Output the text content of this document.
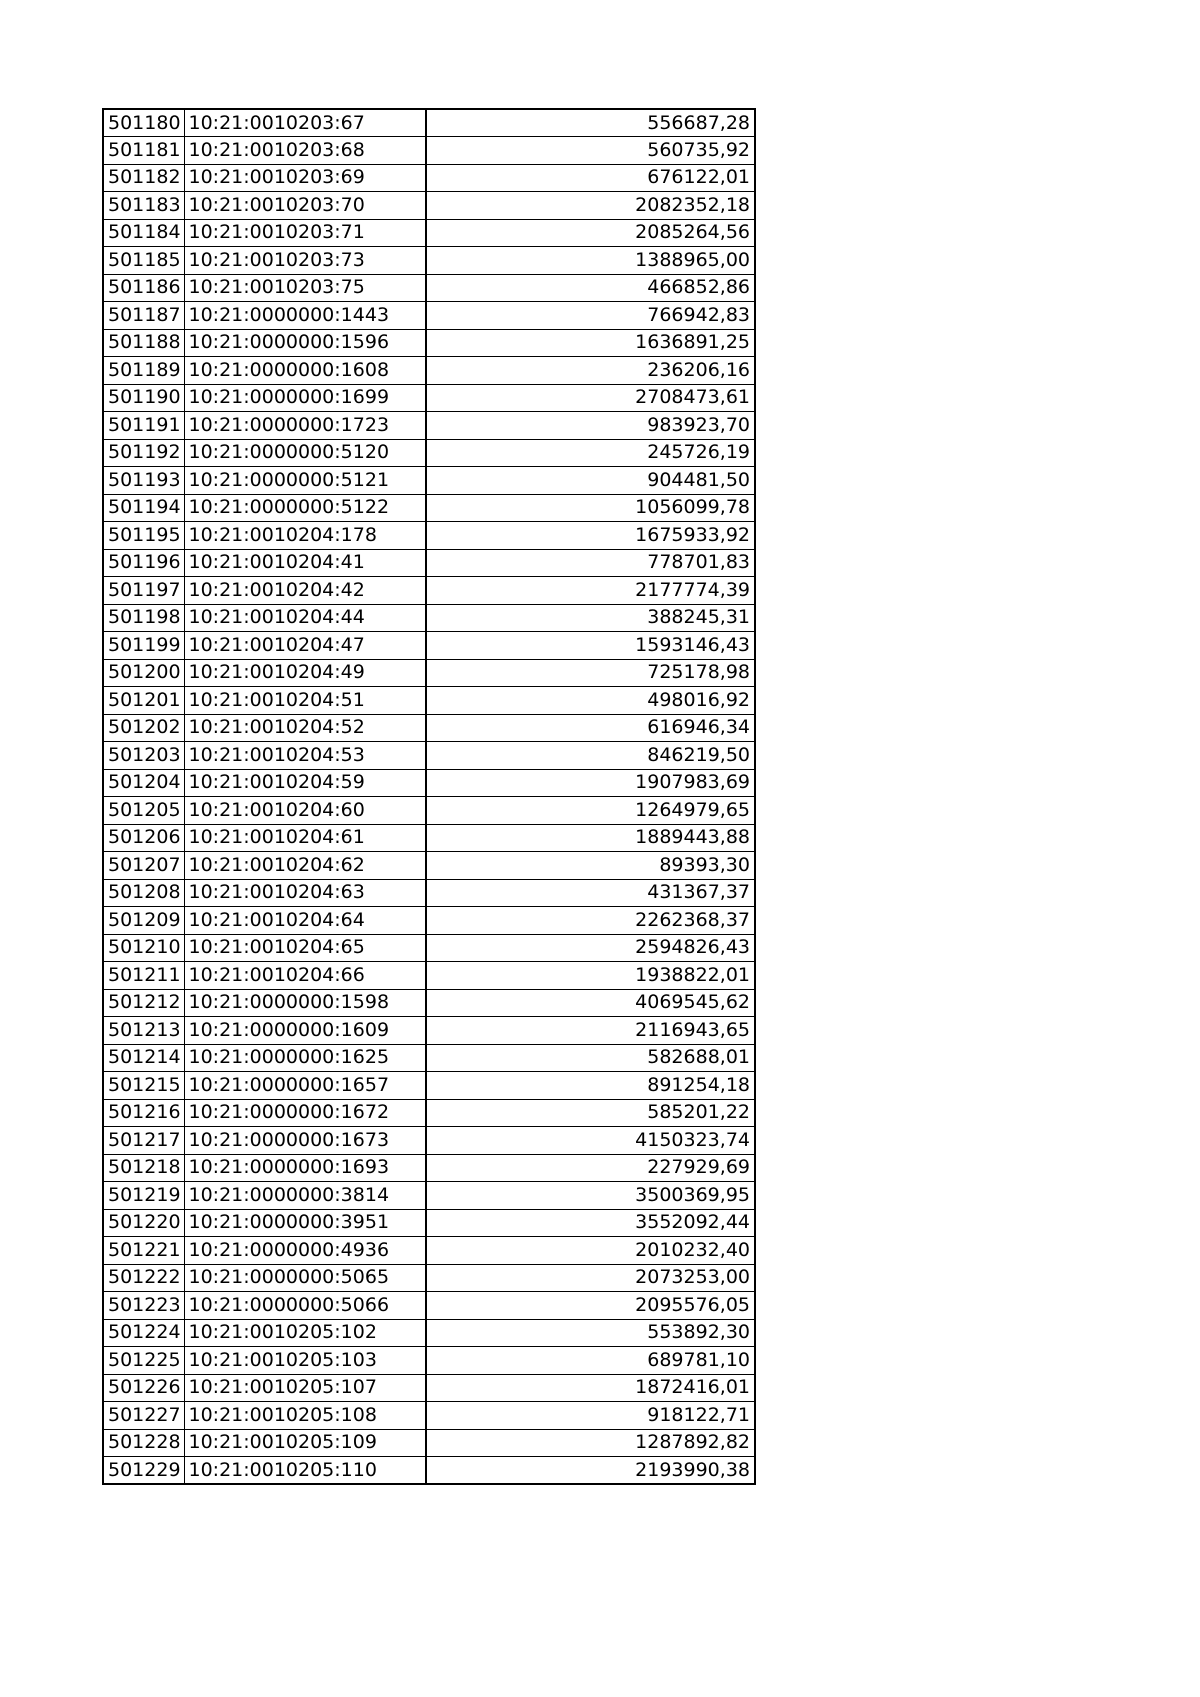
501180	10:21:0010203:67	556687,28
501181	10:21:0010203:68	560735,92
501182	10:21:0010203:69	676122,01
501183	10:21:0010203:70	2082352,18
501184	10:21:0010203:71	2085264,56
501185	10:21:0010203:73	1388965,00
501186	10:21:0010203:75	466852,86
501187	10:21:0000000:1443	766942,83
501188	10:21:0000000:1596	1636891,25
501189	10:21:0000000:1608	236206,16
501190	10:21:0000000:1699	2708473,61
501191	10:21:0000000:1723	983923,70
501192	10:21:0000000:5120	245726,19
501193	10:21:0000000:5121	904481,50
501194	10:21:0000000:5122	1056099,78
501195	10:21:0010204:178	1675933,92
501196	10:21:0010204:41	778701,83
501197	10:21:0010204:42	2177774,39
501198	10:21:0010204:44	388245,31
501199	10:21:0010204:47	1593146,43
501200	10:21:0010204:49	725178,98
501201	10:21:0010204:51	498016,92
501202	10:21:0010204:52	616946,34
501203	10:21:0010204:53	846219,50
501204	10:21:0010204:59	1907983,69
501205	10:21:0010204:60	1264979,65
501206	10:21:0010204:61	1889443,88
501207	10:21:0010204:62	89393,30
501208	10:21:0010204:63	431367,37
501209	10:21:0010204:64	2262368,37
501210	10:21:0010204:65	2594826,43
501211	10:21:0010204:66	1938822,01
501212	10:21:0000000:1598	4069545,62
501213	10:21:0000000:1609	2116943,65
501214	10:21:0000000:1625	582688,01
501215	10:21:0000000:1657	891254,18
501216	10:21:0000000:1672	585201,22
501217	10:21:0000000:1673	4150323,74
501218	10:21:0000000:1693	227929,69
501219	10:21:0000000:3814	3500369,95
501220	10:21:0000000:3951	3552092,44
501221	10:21:0000000:4936	2010232,40
501222	10:21:0000000:5065	2073253,00
501223	10:21:0000000:5066	2095576,05
501224	10:21:0010205:102	553892,30
501225	10:21:0010205:103	689781,10
501226	10:21:0010205:107	1872416,01
501227	10:21:0010205:108	918122,71
501228	10:21:0010205:109	1287892,82
501229	10:21:0010205:110	2193990,38
